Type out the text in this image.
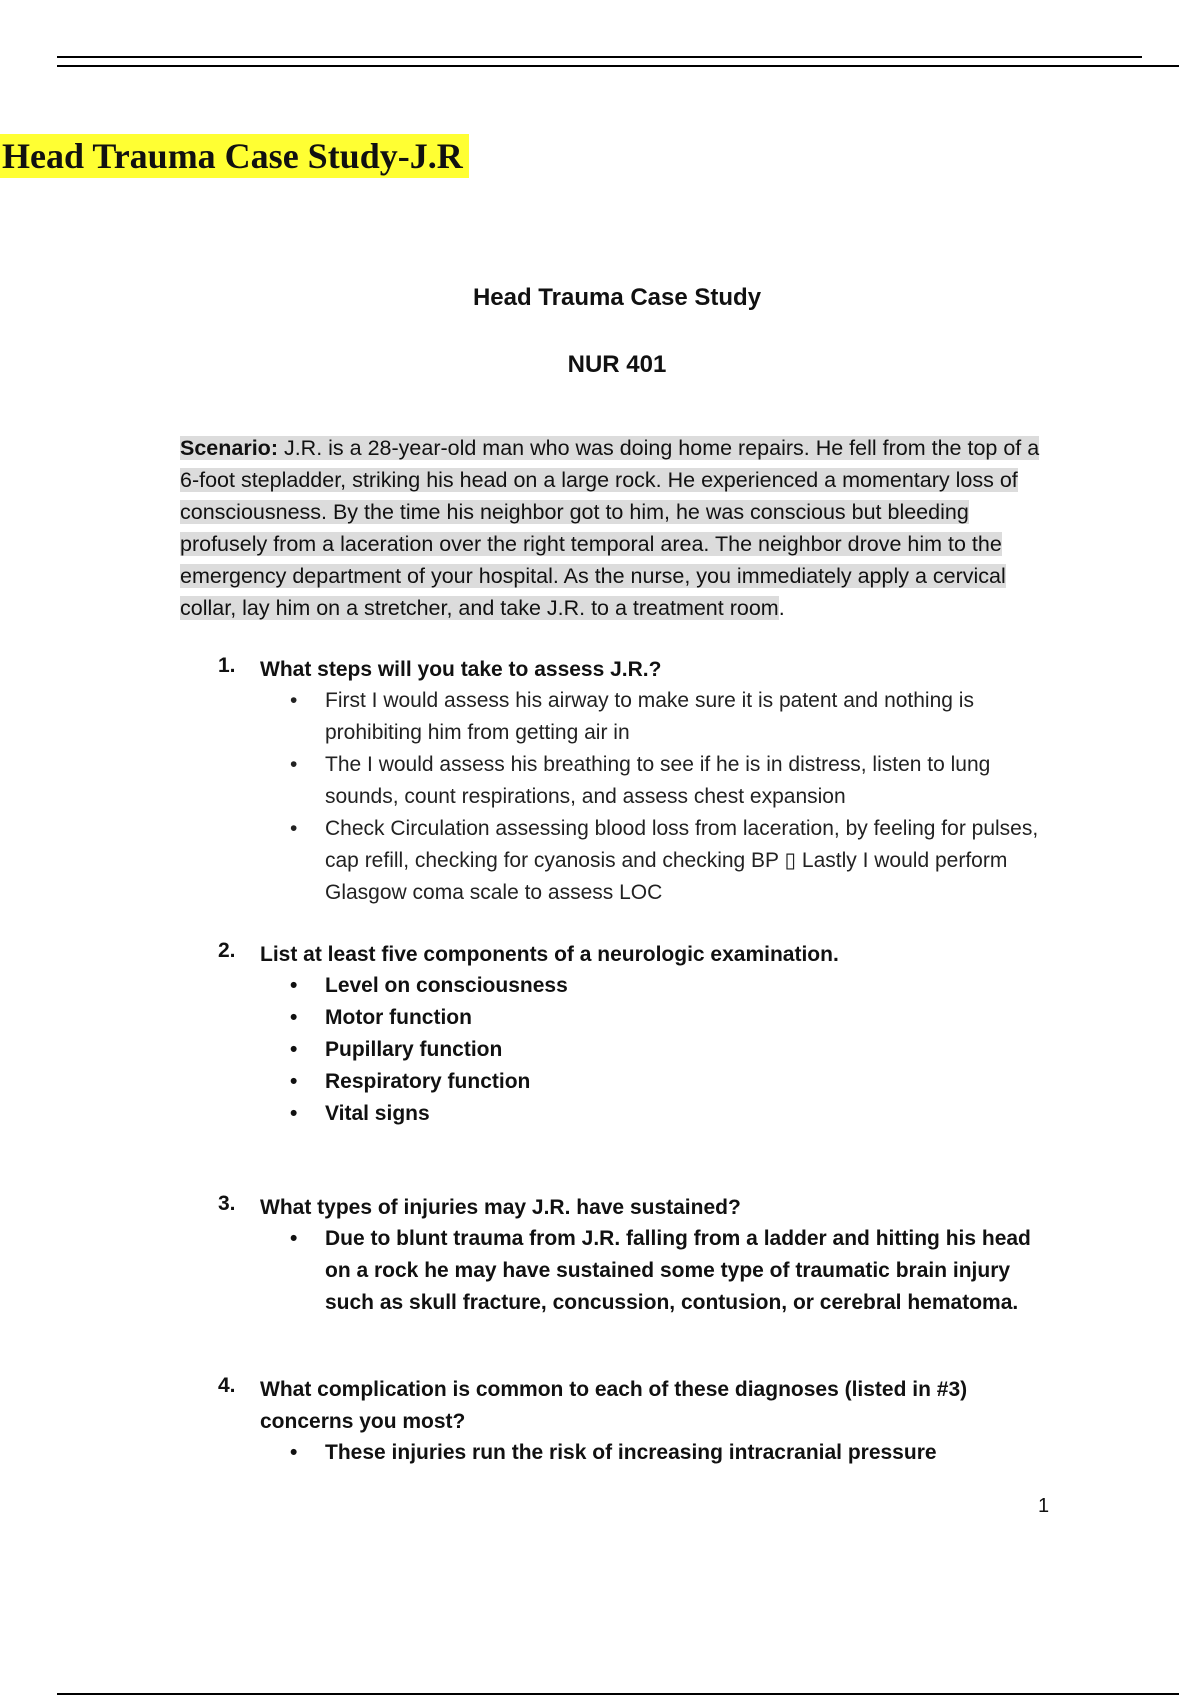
Head Trauma Case Study-J.R
Head Trauma Case Study
NUR 401
Scenario: J.R. is a 28-year-old man who was doing home repairs. He fell from the top of a 6-foot stepladder, striking his head on a large rock. He experienced a momentary loss of consciousness. By the time his neighbor got to him, he was conscious but bleeding profusely from a laceration over the right temporal area. The neighbor drove him to the emergency department of your hospital. As the nurse, you immediately apply a cervical collar, lay him on a stretcher, and take J.R. to a treatment room.
1. What steps will you take to assess J.R.?
• First I would assess his airway to make sure it is patent and nothing is prohibiting him from getting air in
• The I would assess his breathing to see if he is in distress, listen to lung sounds, count respirations, and assess chest expansion
• Check Circulation assessing blood loss from laceration, by feeling for pulses, cap refill, checking for cyanosis and checking BP ▯ Lastly I would perform Glasgow coma scale to assess LOC
2. List at least five components of a neurologic examination.
• Level on consciousness
• Motor function
• Pupillary function
• Respiratory function
• Vital signs
3. What types of injuries may J.R. have sustained?
• Due to blunt trauma from J.R. falling from a ladder and hitting his head on a rock he may have sustained some type of traumatic brain injury such as skull fracture, concussion, contusion, or cerebral hematoma.
4. What complication is common to each of these diagnoses (listed in #3) concerns you most?
• These injuries run the risk of increasing intracranial pressure
1
